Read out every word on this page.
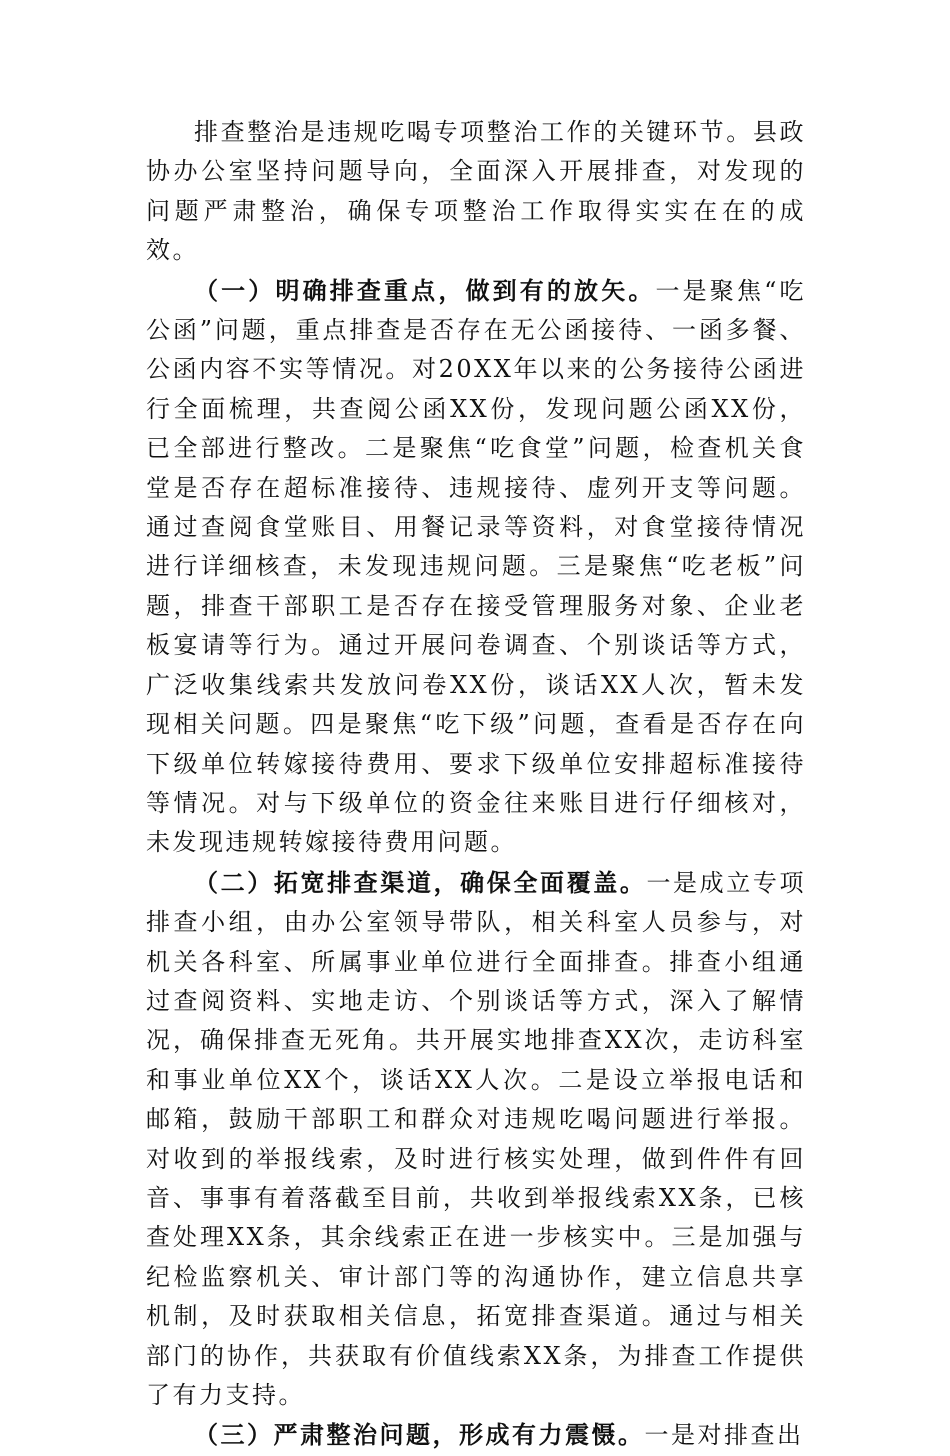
排查整治是违规吃喝专项整治工作的关键环节。县政协办公室坚持问题导向，全面深入开展排查，对发现的问题严肃整治，确保专项整治工作取得实实在在的成效。

（一）明确排查重点，做到有的放矢。一是聚焦“吃公函”问题，重点排查是否存在无公函接待、一函多餐、公函内容不实等情况。对20XX年以来的公务接待公函进行全面梳理，共查阅公函XX份，发现问题公函XX份，已全部进行整改。二是聚焦“吃食堂”问题，检查机关食堂是否存在超标准接待、违规接待、虚列开支等问题。通过查阅食堂账目、用餐记录等资料，对食堂接待情况进行详细核查，未发现违规问题。三是聚焦“吃老板”问题，排查干部职工是否存在接受管理服务对象、企业老板宴请等行为。通过开展问卷调查、个别谈话等方式，广泛收集线索共发放问卷XX份，谈话XX人次，暂未发现相关问题。四是聚焦“吃下级”问题，查看是否存在向下级单位转嫁接待费用、要求下级单位安排超标准接待等情况。对与下级单位的资金往来账目进行仔细核对，未发现违规转嫁接待费用问题。

（二）拓宽排查渠道，确保全面覆盖。一是成立专项排查小组，由办公室领导带队，相关科室人员参与，对机关各科室、所属事业单位进行全面排查。排查小组通过查阅资料、实地走访、个别谈话等方式，深入了解情况，确保排查无死角。共开展实地排查XX次，走访科室和事业单位XX个，谈话XX人次。二是设立举报电话和邮箱，鼓励干部职工和群众对违规吃喝问题进行举报。对收到的举报线索，及时进行核实处理，做到件件有回音、事事有着落截至目前，共收到举报线索XX条，已核查处理XX条，其余线索正在进一步核实中。三是加强与纪检监察机关、审计部门等的沟通协作，建立信息共享机制，及时获取相关信息，拓宽排查渠道。通过与相关部门的协作，共获取有价值线索XX条，为排查工作提供了有力支持。

（三）严肃整治问题，形成有力震慑。一是对排查出
